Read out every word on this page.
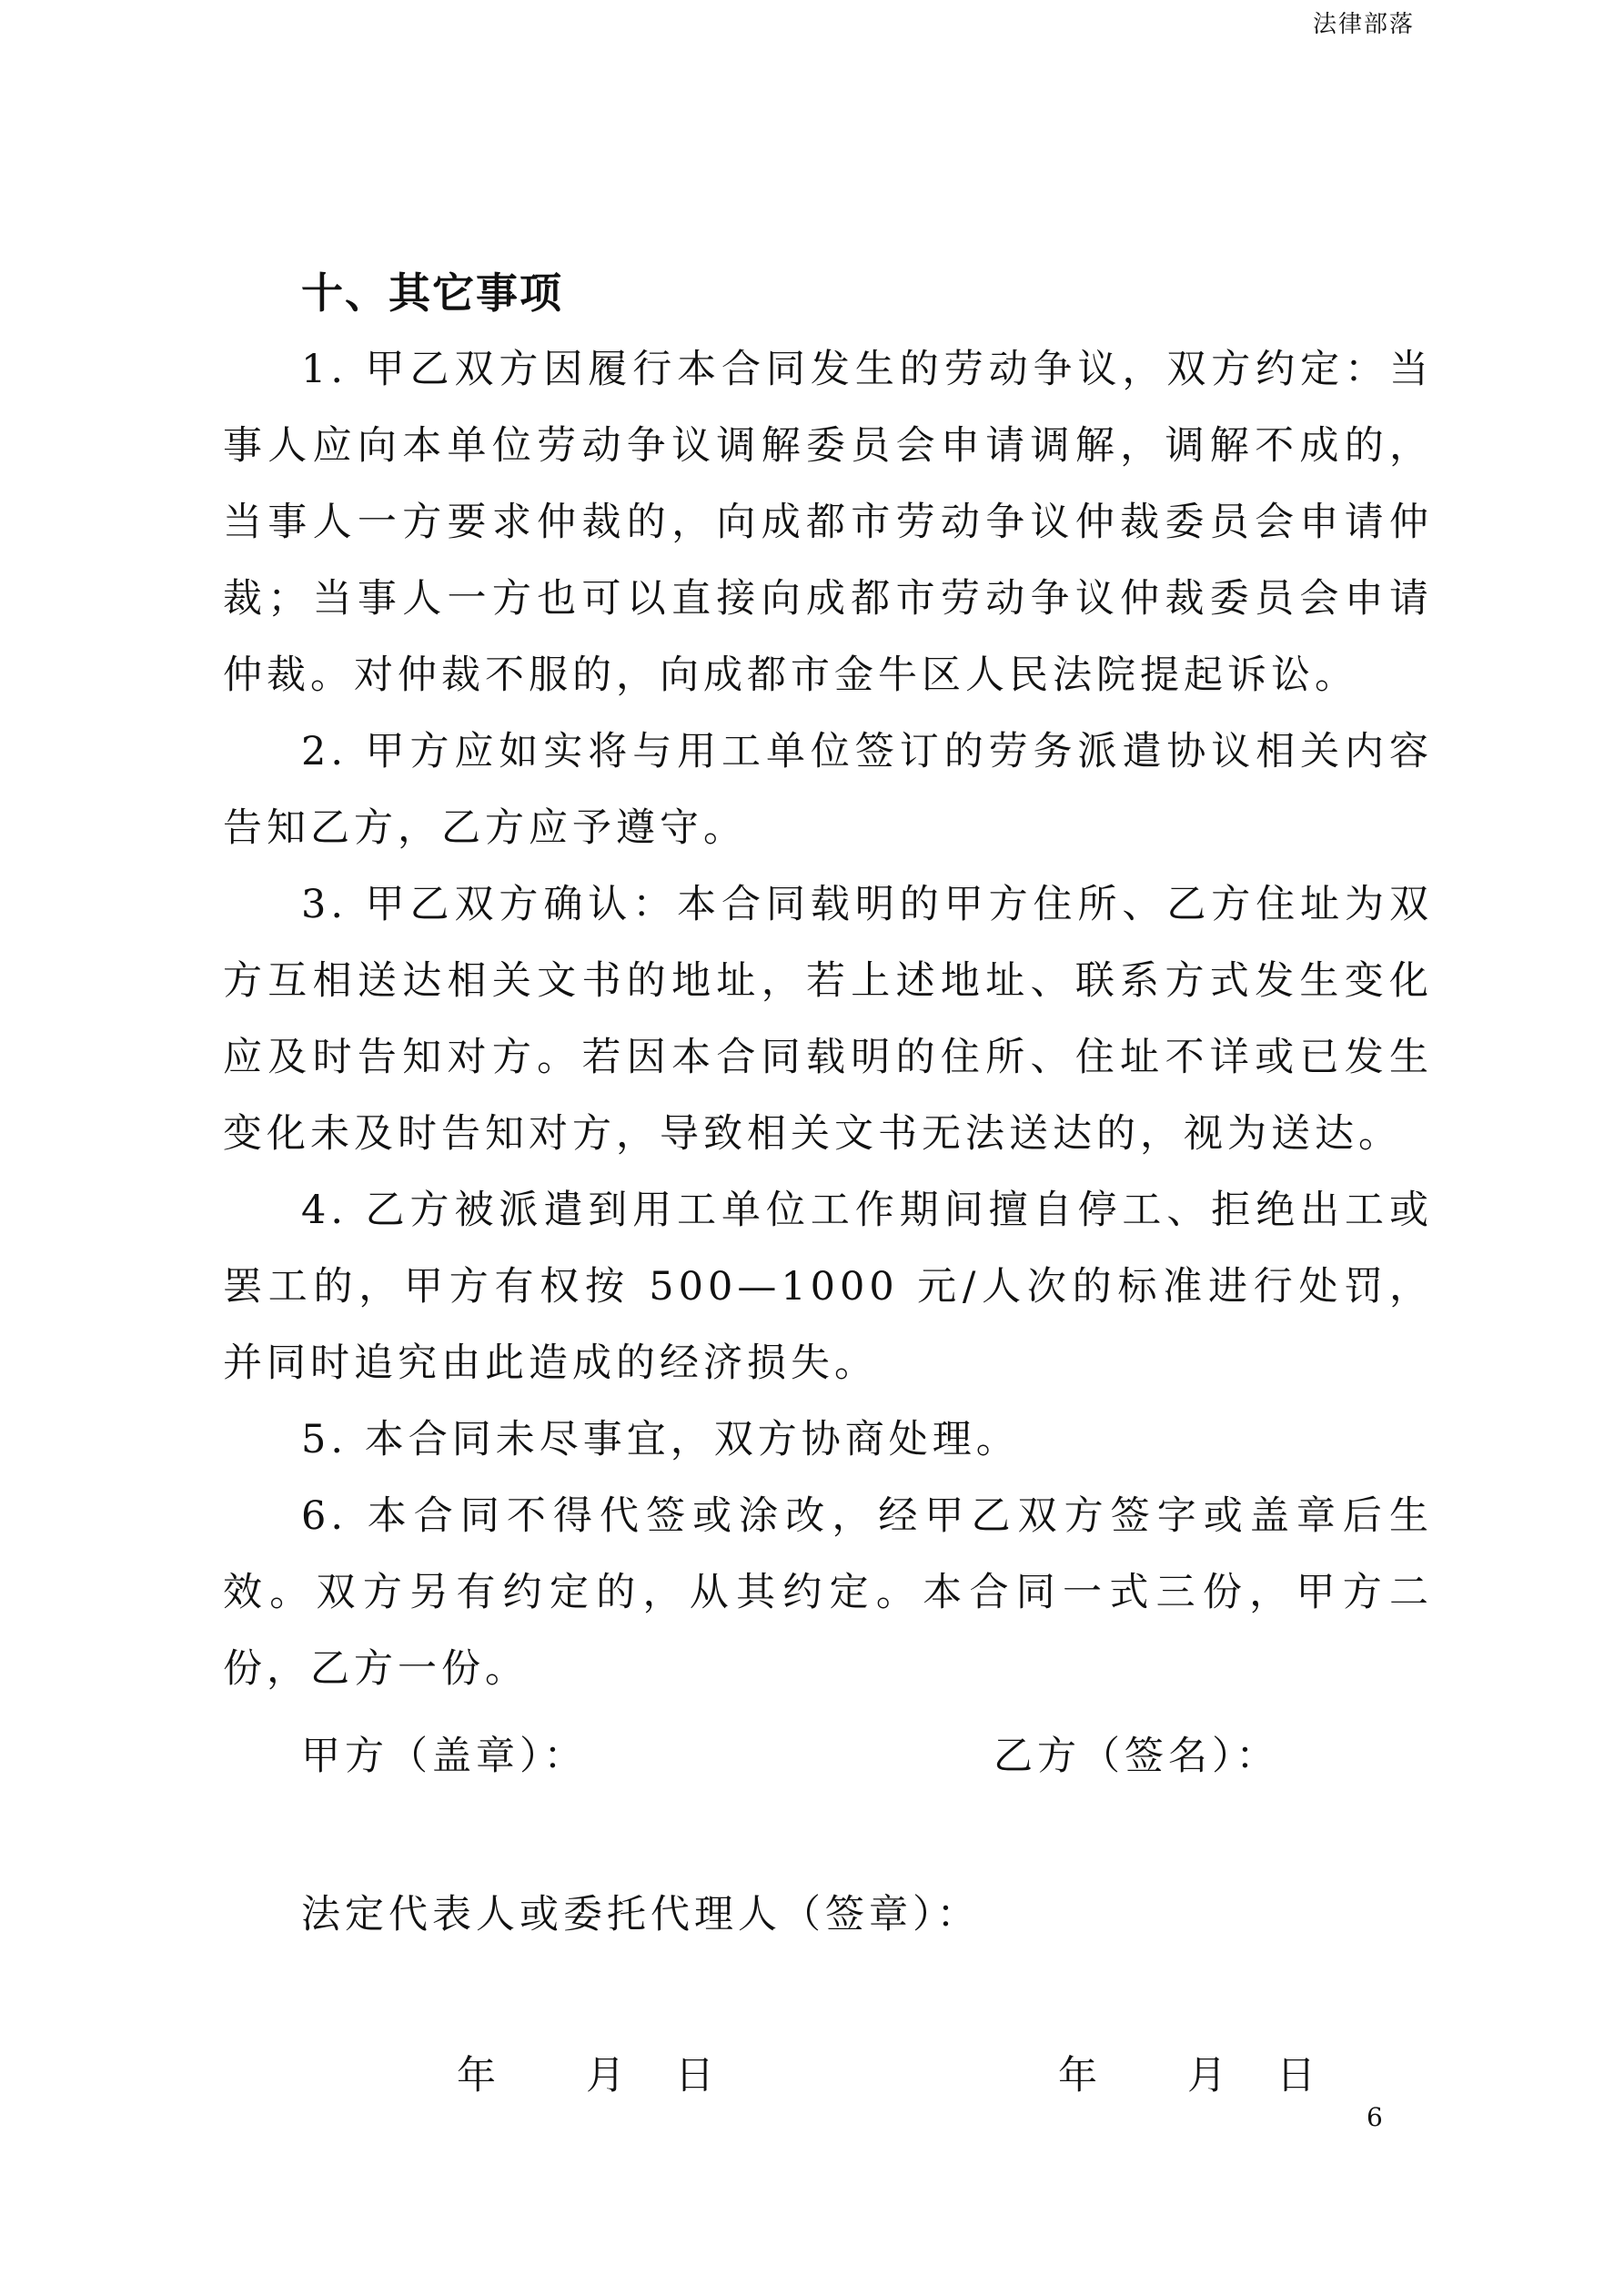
法律部落
十、其它事项

1. 甲乙双方因履行本合同发生的劳动争议，双方约定：当事人应向本单位劳动争议调解委员会申请调解，调解不成的，当事人一方要求仲裁的，向成都市劳动争议仲裁委员会申请仲裁；当事人一方也可以直接向成都市劳动争议仲裁委员会申请仲裁。对仲裁不服的，向成都市金牛区人民法院提起诉讼。

2. 甲方应如实将与用工单位签订的劳务派遣协议相关内容告知乙方，乙方应予遵守。

3. 甲乙双方确认：本合同载明的甲方住所、乙方住址为双方互相送达相关文书的地址，若上述地址、联系方式发生变化应及时告知对方。若因本合同载明的住所、住址不详或已发生变化未及时告知对方，导致相关文书无法送达的，视为送达。

4. 乙方被派遣到用工单位工作期间擅自停工、拒绝出工或罢工的，甲方有权按 500—1000 元/人次的标准进行处罚，并同时追究由此造成的经济损失。

5. 本合同未尽事宜，双方协商处理。

6. 本合同不得代签或涂改，经甲乙双方签字或盖章后生效。双方另有约定的，从其约定。本合同一式三份，甲方二份，乙方一份。

甲方（盖章）：	乙方（签名）：
法定代表人或委托代理人（签章）：
年 月 日	年 月 日
6
